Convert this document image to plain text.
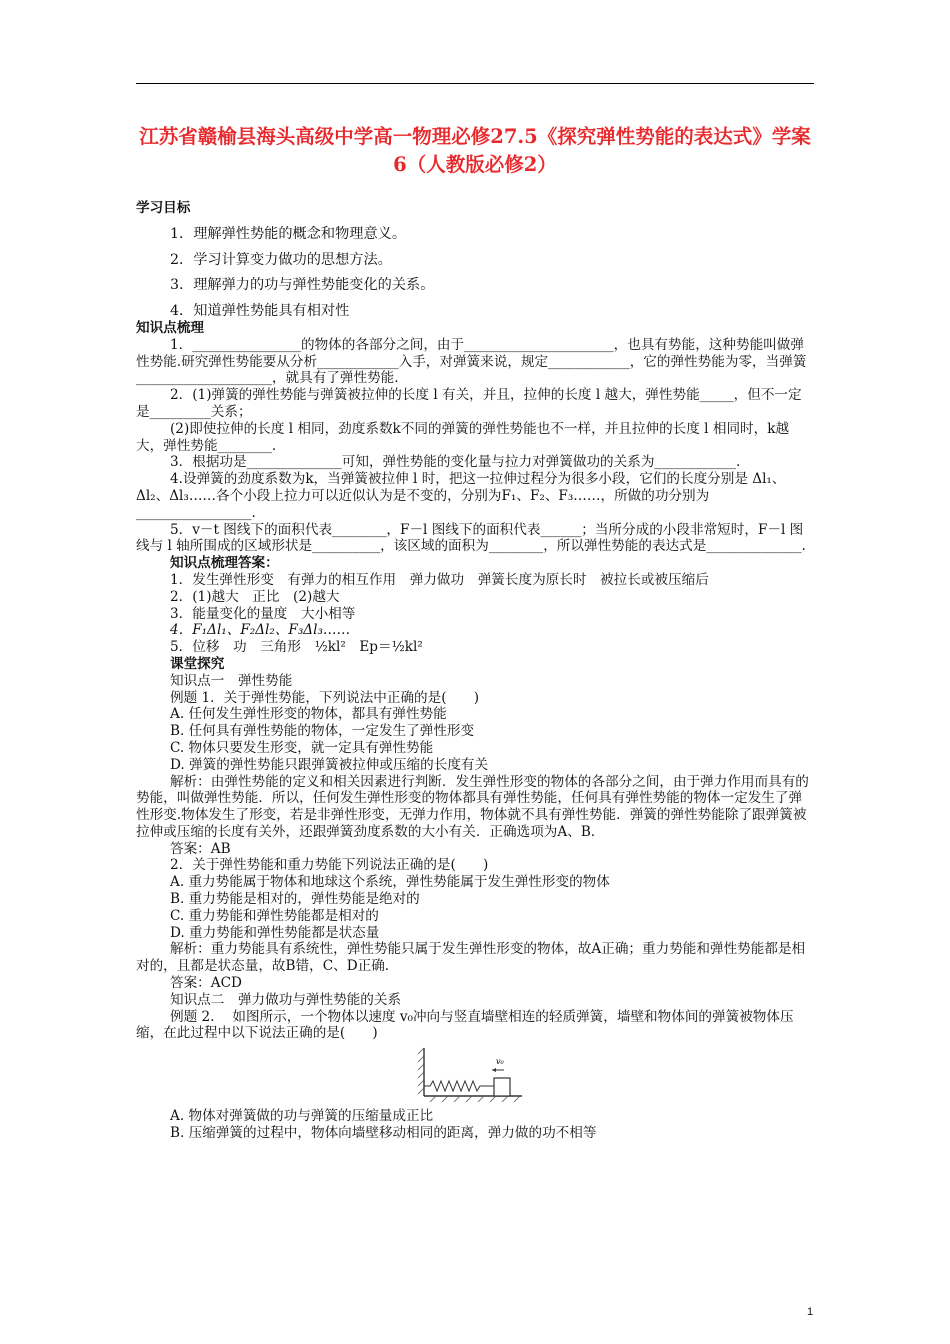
江苏省赣榆县海头高级中学高一物理必修27.5《探究弹性势能的表达式》学案6（人教版必修2）

学习目标

1．理解弹性势能的概念和物理意义。

2．学习计算变力做功的思想方法。

3．理解弹力的功与弹性势能变化的关系。

4．知道弹性势能具有相对性

知识点梳理

1．________________的物体的各部分之间，由于______________________，也具有势能，这种势能叫做弹性势能.研究弹性势能要从分析____________入手，对弹簧来说，规定____________，它的弹性势能为零，当弹簧____________________，就具有了弹性势能.

2．(1)弹簧的弹性势能与弹簧被拉伸的长度 l 有关，并且，拉伸的长度 l 越大，弹性势能_____，但不一定是_________关系；

(2)即使拉伸的长度 l 相同，劲度系数k不同的弹簧的弹性势能也不一样，并且拉伸的长度 l 相同时，k越大，弹性势能________.

3．根据功是______________可知，弹性势能的变化量与拉力对弹簧做功的关系为____________.

4.设弹簧的劲度系数为k，当弹簧被拉伸 l 时，把这一拉伸过程分为很多小段，它们的长度分别是 Δl₁、Δl₂、Δl₃……各个小段上拉力可以近似认为是不变的，分别为F₁、F₂、F₃……，所做的功分别为_________________.

5．v－t 图线下的面积代表________，F－l 图线下的面积代表______；当所分成的小段非常短时，F－l 图线与 l 轴所围成的区域形状是__________，该区域的面积为________，所以弹性势能的表达式是______________.

知识点梳理答案：

1．发生弹性形变　有弹力的相互作用　弹力做功　弹簧长度为原长时　被拉长或被压缩后

2．(1)越大　正比　(2)越大

3．能量变化的量度　大小相等

4．F₁Δl₁、F₂Δl₂、F₃Δl₃……

5．位移　功　三角形　½kl²　Ep＝½kl²

课堂探究

知识点一　弹性势能

例题 1．关于弹性势能，下列说法中正确的是(　　)

A. 任何发生弹性形变的物体，都具有弹性势能

B. 任何具有弹性势能的物体，一定发生了弹性形变

C. 物体只要发生形变，就一定具有弹性势能

D. 弹簧的弹性势能只跟弹簧被拉伸或压缩的长度有关

解析：由弹性势能的定义和相关因素进行判断．发生弹性形变的物体的各部分之间，由于弹力作用而具有的势能，叫做弹性势能．所以，任何发生弹性形变的物体都具有弹性势能，任何具有弹性势能的物体一定发生了弹性形变.物体发生了形变，若是非弹性形变，无弹力作用，物体就不具有弹性势能．弹簧的弹性势能除了跟弹簧被拉伸或压缩的长度有关外，还跟弹簧劲度系数的大小有关．正确选项为A、B.

答案：AB

2．关于弹性势能和重力势能下列说法正确的是(　　)

A. 重力势能属于物体和地球这个系统，弹性势能属于发生弹性形变的物体

B. 重力势能是相对的，弹性势能是绝对的

C. 重力势能和弹性势能都是相对的

D. 重力势能和弹性势能都是状态量

解析：重力势能具有系统性，弹性势能只属于发生弹性形变的物体，故A正确；重力势能和弹性势能都是相对的，且都是状态量，故B错，C、D正确.

答案：ACD

知识点二　弹力做功与弹性势能的关系

例题 2.　 如图所示，一个物体以速度 v₀冲向与竖直墙壁相连的轻质弹簧，墙壁和物体间的弹簧被物体压缩，在此过程中以下说法正确的是(　　)

v₀

A. 物体对弹簧做的功与弹簧的压缩量成正比

B. 压缩弹簧的过程中，物体向墙壁移动相同的距离，弹力做的功不相等

1
